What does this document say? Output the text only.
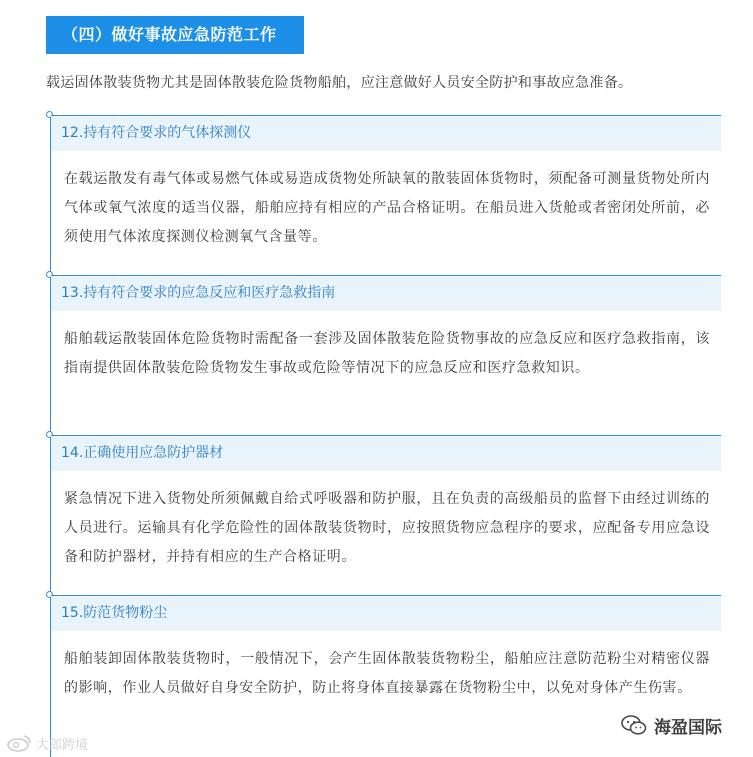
（四）做好事故应急防范工作
载运固体散装货物尤其是固体散装危险货物船舶，应注意做好人员安全防护和事故应急准备。
12.持有符合要求的气体探测仪
在载运散发有毒气体或易燃气体或易造成货物处所缺氧的散装固体货物时，须配备可测量货物处所内气体或氧气浓度的适当仪器，船舶应持有相应的产品合格证明。在船员进入货舱或者密闭处所前，必须使用气体浓度探测仪检测氧气含量等。
13.持有符合要求的应急反应和医疗急救指南
船舶载运散装固体危险货物时需配备一套涉及固体散装危险货物事故的应急反应和医疗急救指南，该指南提供固体散装危险货物发生事故或危险等情况下的应急反应和医疗急救知识。
14.正确使用应急防护器材
紧急情况下进入货物处所须佩戴自给式呼吸器和防护服，且在负责的高级船员的监督下由经过训练的人员进行。运输具有化学危险性的固体散装货物时，应按照货物应急程序的要求，应配备专用应急设备和防护器材，并持有相应的生产合格证明。
15.防范货物粉尘
船舶装卸固体散装货物时，一般情况下，会产生固体散装货物粉尘，船舶应注意防范粉尘对精密仪器的影响，作业人员做好自身安全防护，防止将身体直接暴露在货物粉尘中，以免对身体产生伤害。
大郎跨境
海盈国际
